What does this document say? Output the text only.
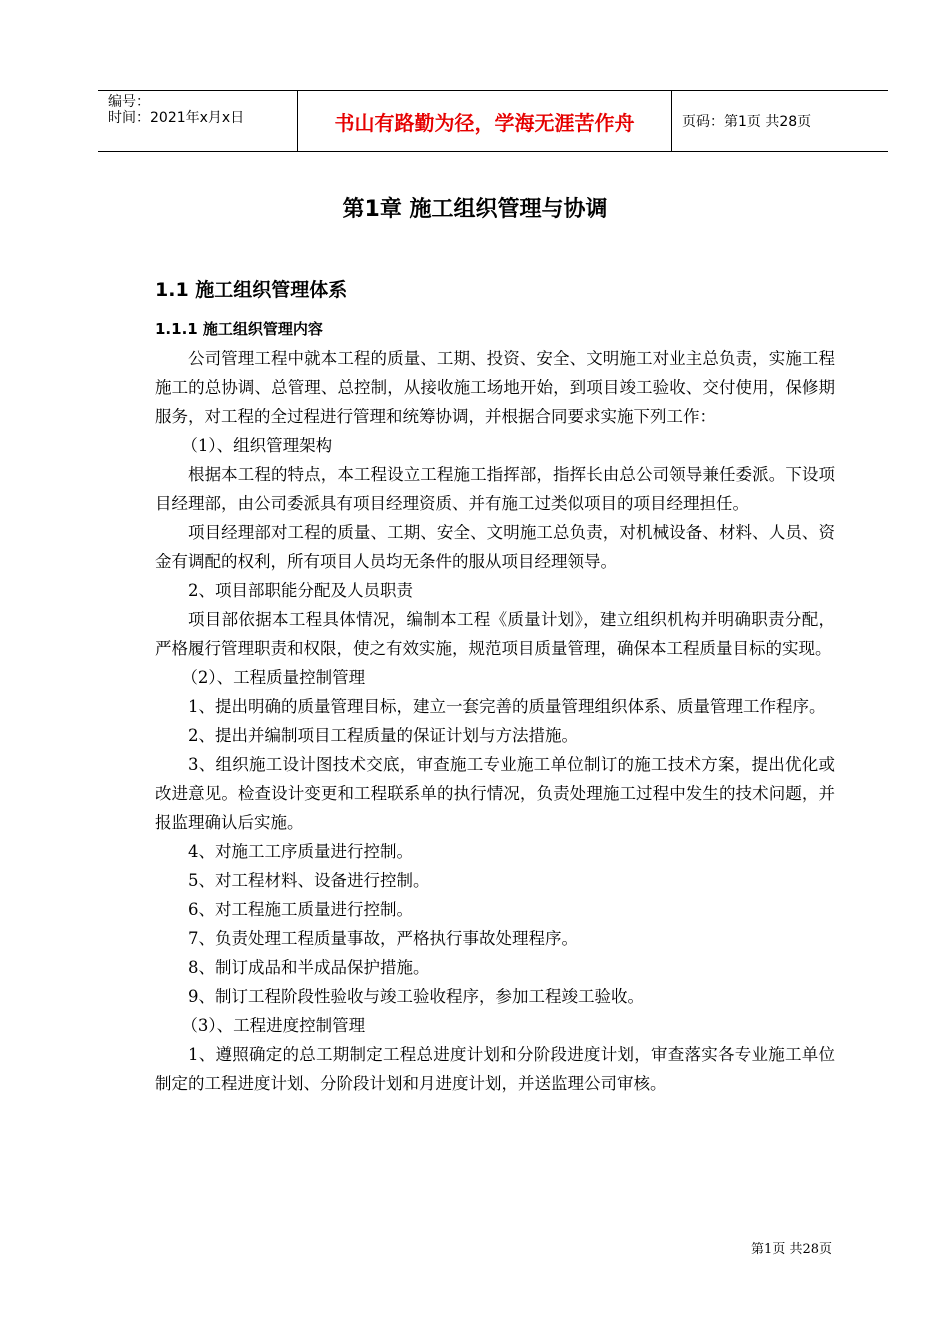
编号：
时间：2021年x月x日	书山有路勤为径，学海无涯苦作舟	页码：第1页 共28页
第1章 施工组织管理与协调
1.1 施工组织管理体系
1.1.1 施工组织管理内容

公司管理工程中就本工程的质量、工期、投资、安全、文明施工对业主总负责，实施工程施工的总协调、总管理、总控制，从接收施工场地开始，到项目竣工验收、交付使用，保修期服务，对工程的全过程进行管理和统筹协调，并根据合同要求实施下列工作：

（1）、组织管理架构

根据本工程的特点，本工程设立工程施工指挥部，指挥长由总公司领导兼任委派。下设项目经理部，由公司委派具有项目经理资质、并有施工过类似项目的项目经理担任。

项目经理部对工程的质量、工期、安全、文明施工总负责，对机械设备、材料、人员、资金有调配的权利，所有项目人员均无条件的服从项目经理领导。

2、项目部职能分配及人员职责

项目部依据本工程具体情况，编制本工程《质量计划》，建立组织机构并明确职责分配，严格履行管理职责和权限，使之有效实施，规范项目质量管理，确保本工程质量目标的实现。

（2）、工程质量控制管理

1、提出明确的质量管理目标，建立一套完善的质量管理组织体系、质量管理工作程序。

2、提出并编制项目工程质量的保证计划与方法措施。

3、组织施工设计图技术交底，审查施工专业施工单位制订的施工技术方案，提出优化或改进意见。检查设计变更和工程联系单的执行情况，负责处理施工过程中发生的技术问题，并报监理确认后实施。

4、对施工工序质量进行控制。

5、对工程材料、设备进行控制。

6、对工程施工质量进行控制。

7、负责处理工程质量事故，严格执行事故处理程序。

8、制订成品和半成品保护措施。

9、制订工程阶段性验收与竣工验收程序，参加工程竣工验收。

（3）、工程进度控制管理

1、遵照确定的总工期制定工程总进度计划和分阶段进度计划，审查落实各专业施工单位制定的工程进度计划、分阶段计划和月进度计划，并送监理公司审核。

第1页 共28页
